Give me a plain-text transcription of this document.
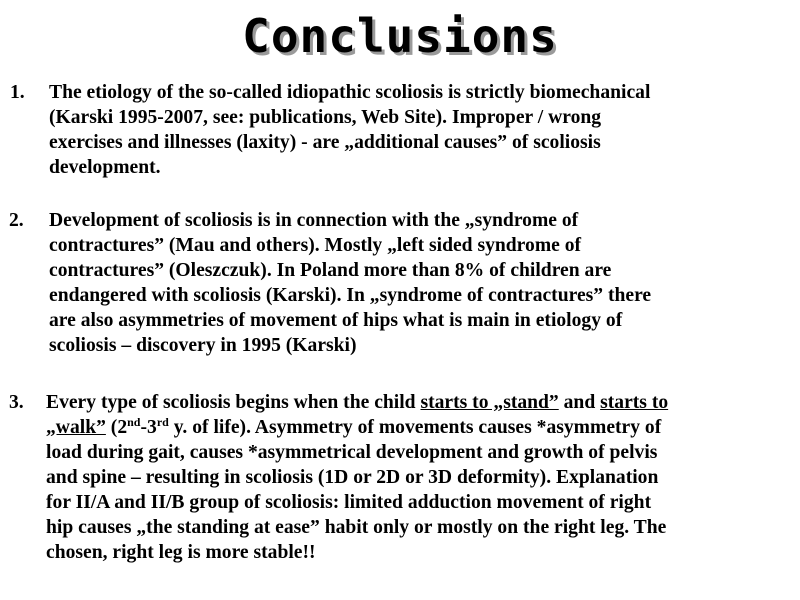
Conclusions
1. The etiology of the so-called idiopathic scoliosis is strictly biomechanical
(Karski 1995-2007, see: publications, Web Site). Improper / wrong
exercises and illnesses (laxity) - are „additional causes” of scoliosis
development.
2. Development of scoliosis is in connection with the „syndrome of
contractures” (Mau and others). Mostly „left sided syndrome of
contractures” (Oleszczuk). In Poland more than 8% of children are
endangered with scoliosis (Karski). In „syndrome of contractures” there
are also asymmetries of movement of hips what is main in etiology of
scoliosis – discovery in 1995 (Karski)
3. Every type of scoliosis begins when the child starts to „stand” and starts to
„walk” (2nd-3rd y. of life). Asymmetry of movements causes *asymmetry of
load during gait, causes *asymmetrical development and growth of pelvis
and spine – resulting in scoliosis (1D or 2D or 3D deformity). Explanation
for II/A and II/B group of scoliosis: limited adduction movement of right
hip causes „the standing at ease” habit only or mostly on the right leg. The
chosen, right leg is more stable!!
